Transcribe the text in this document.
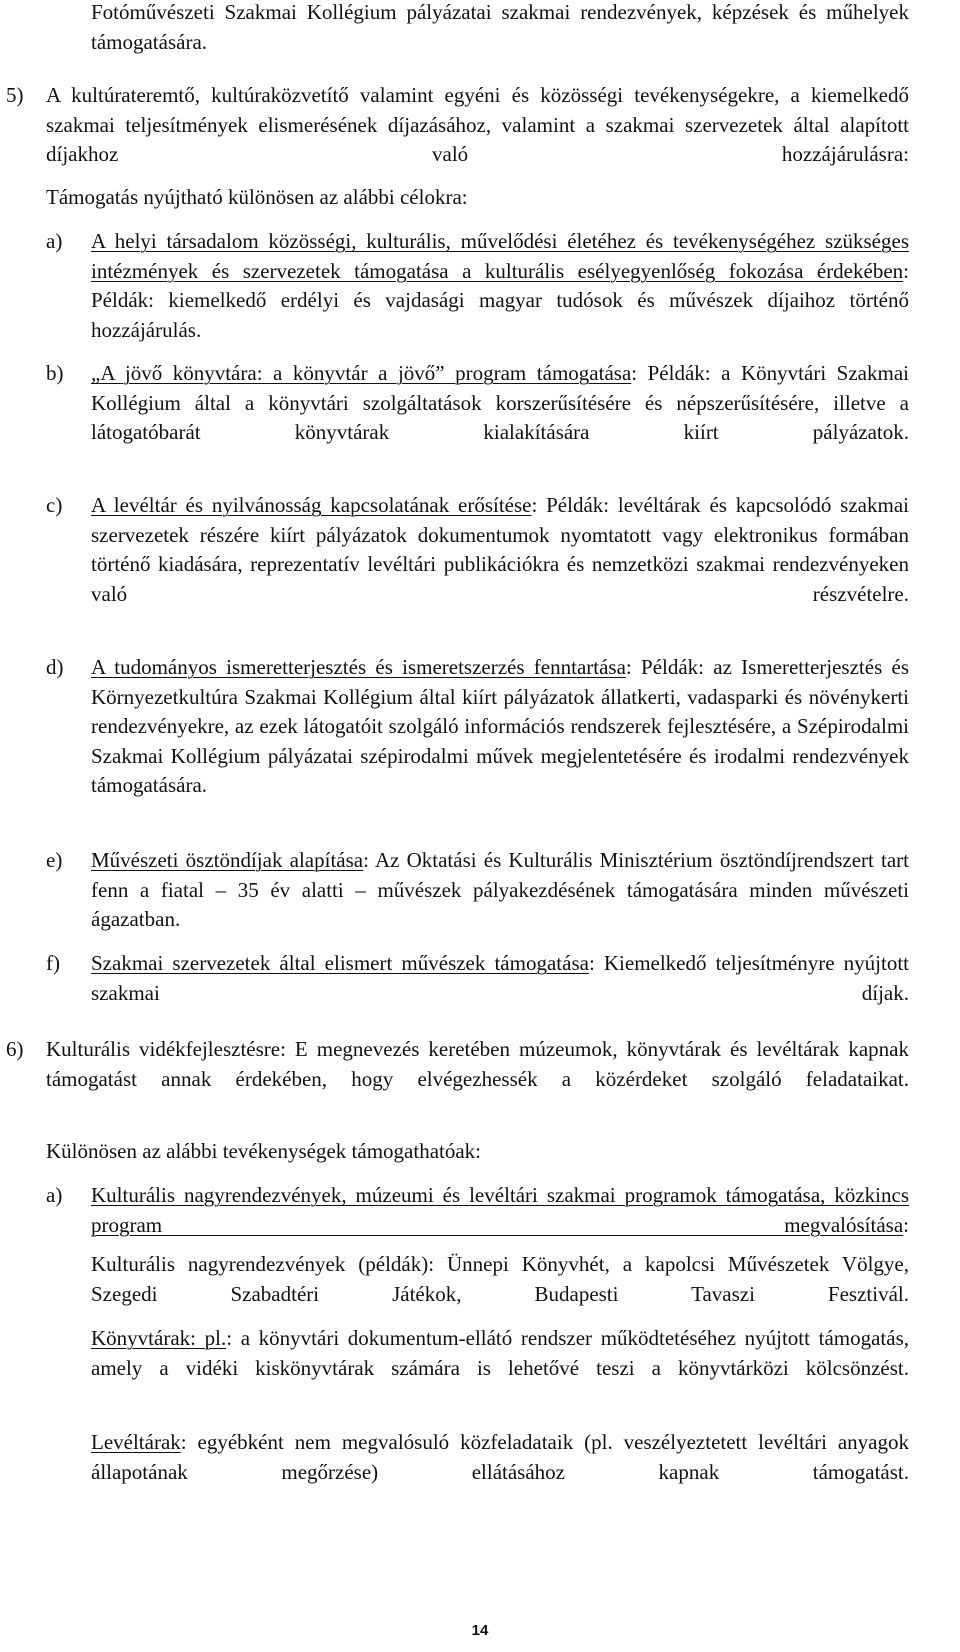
Fotóművészeti Szakmai Kollégium pályázatai szakmai rendezvények, képzések és műhelyek támogatására.

5) A kultúrateremtő, kultúraközvetítő valamint egyéni és közösségi tevékenységekre, a kiemelkedő szakmai teljesítmények elismerésének díjazásához, valamint a szakmai szervezetek által alapított díjakhoz való hozzájárulásra:

Támogatás nyújtható különösen az alábbi célokra:

a) A helyi társadalom közösségi, kulturális, művelődési életéhez és tevékenységéhez szükséges intézmények és szervezetek támogatása a kulturális esélyegyenlőség fokozása érdekében: Példák: kiemelkedő erdélyi és vajdasági magyar tudósok és művészek díjaihoz történő hozzájárulás.

b) „A jövő könyvtára: a könyvtár a jövő” program támogatása: Példák: a Könyvtári Szakmai Kollégium által a könyvtári szolgáltatások korszerűsítésére és népszerűsítésére, illetve a látogatóbarát könyvtárak kialakítására kiírt pályázatok.

c) A levéltár és nyilvánosság kapcsolatának erősítése: Példák: levéltárak és kapcsolódó szakmai szervezetek részére kiírt pályázatok dokumentumok nyomtatott vagy elektronikus formában történő kiadására, reprezentatív levéltári publikációkra és nemzetközi szakmai rendezvényeken való részvételre.

d) A tudományos ismeretterjesztés és ismeretszerzés fenntartása: Példák: az Ismeretterjesztés és Környezetkultúra Szakmai Kollégium által kiírt pályázatok állatkerti, vadasparki és növénykerti rendezvényekre, az ezek látogatóit szolgáló információs rendszerek fejlesztésére, a Szépirodalmi Szakmai Kollégium pályázatai szépirodalmi művek megjelentetésére és irodalmi rendezvények támogatására.

e) Művészeti ösztöndíjak alapítása: Az Oktatási és Kulturális Minisztérium ösztöndíjrendszert tart fenn a fiatal – 35 év alatti – művészek pályakezdésének támogatására minden művészeti ágazatban.

f) Szakmai szervezetek által elismert művészek támogatása: Kiemelkedő teljesítményre nyújtott szakmai díjak.

6) Kulturális vidékfejlesztésre: E megnevezés keretében múzeumok, könyvtárak és levéltárak kapnak támogatást annak érdekében, hogy elvégezhessék a közérdeket szolgáló feladataikat.

Különösen az alábbi tevékenységek támogathatóak:

a) Kulturális nagyrendezvények, múzeumi és levéltári szakmai programok támogatása, közkincs program megvalósítása:

Kulturális nagyrendezvények (példák): Ünnepi Könyvhét, a kapolcsi Művészetek Völgye, Szegedi Szabadtéri Játékok, Budapesti Tavaszi Fesztivál.

Könyvtárak: pl.: a könyvtári dokumentum-ellátó rendszer működtetéséhez nyújtott támogatás, amely a vidéki kiskönyvtárak számára is lehetővé teszi a könyvtárközi kölcsönzést.

Levéltárak: egyébként nem megvalósuló közfeladataik (pl. veszélyeztetett levéltári anyagok állapotának megőrzése) ellátásához kapnak támogatást.

14
